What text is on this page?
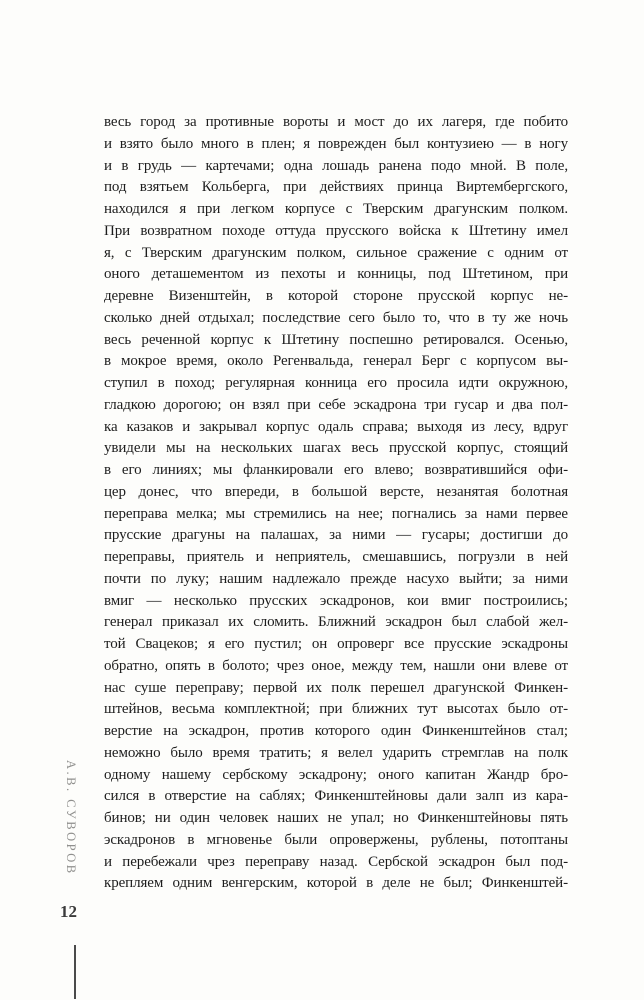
весь город за противные вороты и мост до их лагеря, где побито
и взято было много в плен; я поврежден был контузиею — в ногу
и в грудь — картечами; одна лошадь ранена подо мной. В поле,
под взятьем Кольберга, при действиях принца Виртембергского,
находился я при легком корпусе с Тверским драгунским полком.
При возвратном походе оттуда прусского войска к Штетину имел
я, с Тверским драгунским полком, сильное сражение с одним от
оного деташементом из пехоты и конницы, под Штетином, при
деревне Визенштейн, в которой стороне прусской корпус не-
сколько дней отдыхал; последствие сего было то, что в ту же ночь
весь реченной корпус к Штетину поспешно ретировался. Осенью,
в мокрое время, около Регенвальда, генерал Берг с корпусом вы-
ступил в поход; регулярная конница его просила идти окружною,
гладкою дорогою; он взял при себе эскадрона три гусар и два пол-
ка казаков и закрывал корпус одаль справа; выходя из лесу, вдруг
увидели мы на нескольких шагах весь прусской корпус, стоящий
в его линиях; мы фланкировали его влево; возвратившийся офи-
цер донес, что впереди, в большой версте, незанятая болотная
переправа мелка; мы стремились на нее; погнались за нами первее
прусские драгуны на палашах, за ними — гусары; достигши до
переправы, приятель и неприятель, смешавшись, погрузли в ней
почти по луку; нашим надлежало прежде насухо выйти; за ними
вмиг — несколько прусских эскадронов, кои вмиг построились;
генерал приказал их сломить. Ближний эскадрон был слабой жел-
той Свацеков; я его пустил; он опроверг все прусские эскадроны
обратно, опять в болото; чрез оное, между тем, нашли они влеве от
нас суше переправу; первой их полк перешел драгунской Финкен-
штейнов, весьма комплектной; при ближних тут высотах было от-
верстие на эскадрон, против которого один Финкенштейнов стал;
неможно было время тратить; я велел ударить стремглав на полк
одному нашему сербскому эскадрону; оного капитан Жандр бро-
сился в отверстие на саблях; Финкенштейновы дали залп из кара-
бинов; ни один человек наших не упал; но Финкенштейновы пять
эскадронов в мгновенье были опровержены, рублены, потоптаны
и перебежали чрез переправу назад. Сербской эскадрон был под-
крепляем одним венгерским, которой в деле не был; Финкенштей-
А.В. СУВОРОВ
12
